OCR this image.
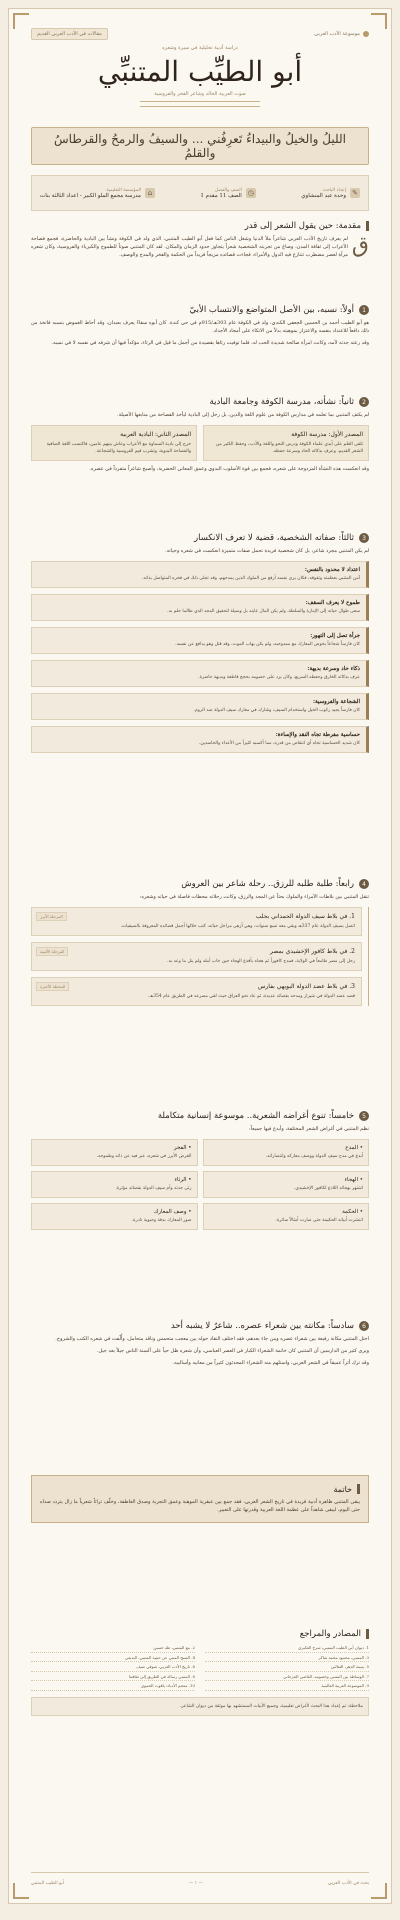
موسوعة الأدب العربي
مقالات في الأدب العربي القديم
دراسة أدبية تحليلية في سيرة وشعره
أبو الطيِّب المتنبِّي
صوت العربية الخالد وشاعر الفخر والفروسية
الليلُ والخيلُ والبيداءُ تَعرِفُني ... والسيفُ والرمحُ والقرطاسُ والقلمُ
✎
إعداد الباحث
وحدة عبد المنشاوي
◷
الصف والفصل
الصف 11 مقدم 1
⌂
المؤسسة التعليمية
مدرسة مجمع الملو الكبير - اعداد الثالثة بنات
مقدمة: حين يقول الشعر إلى قدر
ق
لم يعرف تاريخ الأدب العربي شاعراً ملأ الدنيا وشغل الناس كما فعل أبو الطيب المتنبي، الذي ولد في الكوفة ونشأ بين البادية والحاضرة، فجمع فصاحة الأعراب إلى ثقافة المدن، وصاغ من تجربته الشخصية شعراً يتجاوز حدود الزمان والمكان. لقد كان المتنبي صوتاً للطموح والكبرياء والفروسية، وكان شعره مرآة لعصر مضطرب تتنازع فيه الدول والأمراء، فجاءت قصائده مزيجاً فريداً من الحكمة والفخر والمدح والوصف.
1
أولاً: نسبه، بين الأصل المتواضع والانتساب الأبيّ
هو أبو الطيب أحمد بن الحسين الجعفي الكندي، ولد في الكوفة عام 303هـ/915م في حي كندة. كان أبوه سقاءً يعرف بعبدان، وقد أحاط الغموض بنسبه فاتخذ من ذلك دافعاً للاعتداد بنفسه والاعتزاز بموهبته بدلاً من الاتكاء على أمجاد الأجداد.
وقد رعته جدته لأمه، وكانت امرأة صالحة شديدة الحب له، فلما توفيت رثاها بقصيدة من أجمل ما قيل في الرثاء، مؤكداً فيها أن شرفه في نفسه لا في نسبه.
2
ثانياً: نشأته، مدرسة الكوفة وجامعة البادية
لم يكتف المتنبي بما تعلمه في مدارس الكوفة من علوم اللغة والدين، بل رحل إلى البادية ليأخذ الفصاحة من منابعها الأصيلة.
المصدر الأول: مدرسة الكوفة
تلقى العلم على أيدي علماء الكوفة ودرس النحو واللغة والأدب، وحفظ الكثير من الشعر القديم، وعرف بذكائه الحاد وسرعة حفظه.
المصدر الثاني: البادية العربية
خرج إلى بادية السماوة مع الأعراب وعاش بينهم عامين، فاكتسب اللغة الصافية والفصاحة البدوية، وتشرب قيم الفروسية والشجاعة.
وقد انعكست هذه النشأة المزدوجة على شعره، فجمع بين قوة الأسلوب البدوي وعمق المعاني الحضرية، وأصبح شاعراً متفرداً في عصره.
3
ثالثاً: صفاته الشخصية، قضية لا تعرف الانكسار
لم يكن المتنبي مجرد شاعر، بل كان شخصية فريدة تحمل صفات متميزة انعكست في شعره وحياته.
اعتداد لا محدود بالنفس:
آمن المتنبي بعظمته وتفوقه، فكان يرى نفسه أرفع من الملوك الذين يمدحهم، وقد تجلى ذلك في فخره المتواصل بذاته.
طموح لا يعرف السقف:
سعى طوال حياته إلى الإمارة والسلطة، ولم يكن المال غايته بل وسيلة لتحقيق المجد الذي طالما حلم به.
جرأة تصل إلى التهور:
كان فارساً شجاعاً يخوض المعارك مع ممدوحيه، ولم يكن يهاب الموت، وقد قتل وهو يدافع عن نفسه.
ذكاء حاد وسرعة بديهة:
عرف بذكائه الخارق وحفظه السريع، وكان يرد على خصومه بحجج قاطعة وبديهة حاضرة.
الشجاعة والفروسية:
كان فارساً يجيد ركوب الخيل واستخدام السيف، وشارك في معارك سيف الدولة ضد الروم.
حساسية مفرطة تجاه النقد والإساءة:
كان شديد الحساسية تجاه أي انتقاص من قدره، مما أكسبه كثيراً من الأعداء والحاسدين.
4
رابعاً: طلبة طلبه للرزق.. رحلة شاعر بين العروش
تنقل المتنبي بين بلاطات الأمراء والملوك بحثاً عن المجد والرزق، وكانت رحلاته محطات فاصلة في حياته وشعره:
المرحلة الأبرز	1. في بلاط سيف الدولة الحمداني بحلب
اتصل بسيف الدولة عام 337هـ وبقي معه تسع سنوات، وهي أزهى مراحل حياته، كتب خلالها أجمل قصائده المعروفة بالسيفيات.
المرحلة الأليمة	2. في بلاط كافور الإخشيدي بمصر
رحل إلى مصر طامعاً في الولاية، فمدح كافوراً ثم هجاه بأقذع الهجاء حين خاب أمله ولم ينل ما وعد به.
المحطة الأخيرة	3. في بلاط عضد الدولة البويهي بفارس
قصد عضد الدولة في شيراز ومدحه بقصائد عديدة، ثم عاد نحو العراق حيث لقي مصرعه في الطريق عام 354هـ.
5
خامساً: تنوع أغراضه الشعرية.. موسوعة إنسانية متكاملة
نظم المتنبي في أغراض الشعر المختلفة، وأبدع فيها جميعاً:
• المدح
أبدع في مدح سيف الدولة ووصف معاركه وانتصاراته.
• الفخر
الغرض الأبرز في شعره، عبر فيه عن ذاته وطموحه.
• الهجاء
اشتهر بهجائه اللاذع لكافور الإخشيدي.
• الرثاء
رثى جدته وأم سيف الدولة بقصائد مؤثرة.
• الحكمة
انتشرت أبياته الحكيمة حتى صارت أمثالاً سائرة.
• وصف المعارك
صور المعارك بدقة وحيوية نادرة.
6
سادساً: مكانته بين شعراء عصره.. شاعرٌ لا يشبه أحد
احتل المتنبي مكانة رفيعة بين شعراء عصره ومن جاء بعدهم، فقد اختلف النقاد حوله بين معجب متحمس وناقد متحامل، وأُلّفت في شعره الكتب والشروح.
ويرى كثير من الدارسين أن المتنبي كان خاتمة الشعراء الكبار في العصر العباسي، وأن شعره ظل حياً على ألسنة الناس جيلاً بعد جيل.
وقد ترك أثراً عميقاً في الشعر العربي، واستلهم منه الشعراء المحدثون كثيراً من معانيه وأساليبه.
خاتمة
يبقى المتنبي ظاهرة أدبية فريدة في تاريخ الشعر العربي، فقد جمع بين عبقرية الموهبة وعمق التجربة وصدق العاطفة، وخلّف تراثاً شعرياً ما زال يتردد صداه حتى اليوم، ليبقى شاهداً على عظمة اللغة العربية وقدرتها على التعبير.
المصادر والمراجع
1. ديوان أبي الطيب المتنبي، شرح العكبري
2. مع المتنبي، طه حسين
3. المتنبي، محمود محمد شاكر
4. الصبح المنبي عن حيثية المتنبي، البديعي
5. يتيمة الدهر، الثعالبي
6. تاريخ الأدب العربي، شوقي ضيف
7. الوساطة بين المتنبي وخصومه، القاضي الجرجاني
8. المتنبي رسالة في الطريق إلى ثقافتنا
9. الموسوعة العربية العالمية
10. معجم الأدباء، ياقوت الحموي
ملاحظة: تم إعداد هذا البحث لأغراض تعليمية، وجميع الأبيات المستشهد بها موثقة من ديوان الشاعر.
بحث في الأدب العربي
— ١ —
أبو الطيب المتنبي
